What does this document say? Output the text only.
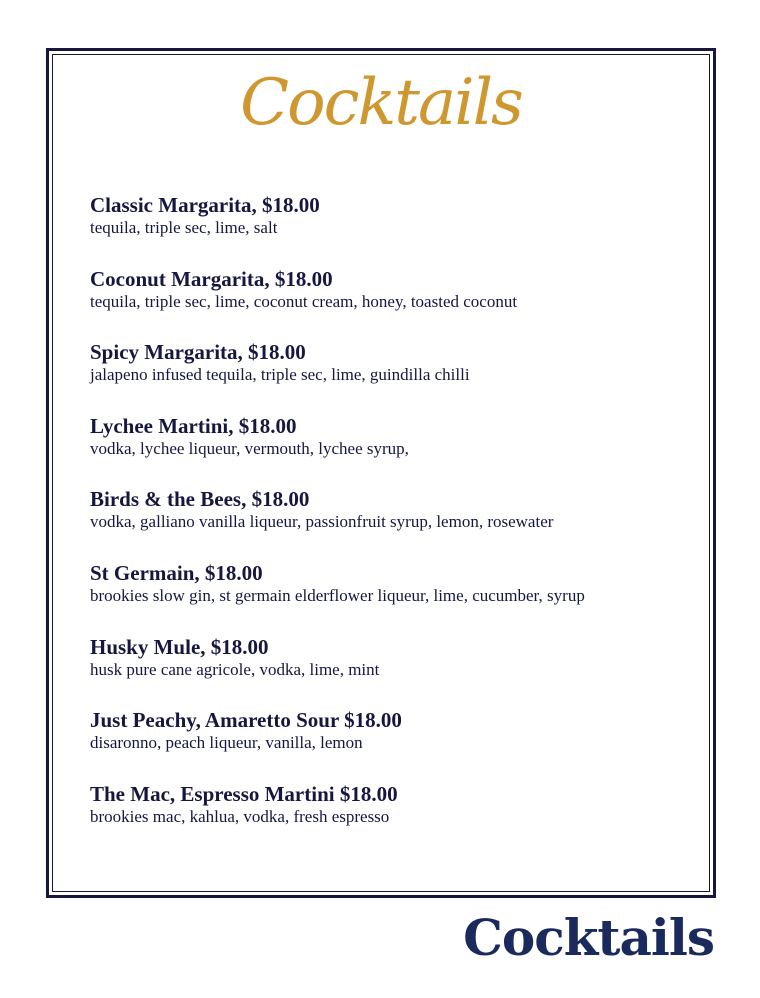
Cocktails
Classic Margarita, $18.00
tequila, triple sec, lime, salt
Coconut Margarita, $18.00
tequila, triple sec, lime, coconut cream, honey, toasted coconut
Spicy Margarita, $18.00
jalapeno infused tequila, triple sec, lime, guindilla chilli
Lychee Martini, $18.00
vodka, lychee liqueur, vermouth, lychee syrup,
Birds & the Bees, $18.00
vodka, galliano vanilla liqueur, passionfruit syrup, lemon, rosewater
St Germain, $18.00
brookies slow gin, st germain elderflower liqueur, lime, cucumber, syrup
Husky Mule, $18.00
husk pure cane agricole, vodka, lime, mint
Just Peachy, Amaretto Sour $18.00
disaronno, peach liqueur, vanilla, lemon
The Mac, Espresso Martini $18.00
brookies mac, kahlua, vodka, fresh espresso
Cocktails
